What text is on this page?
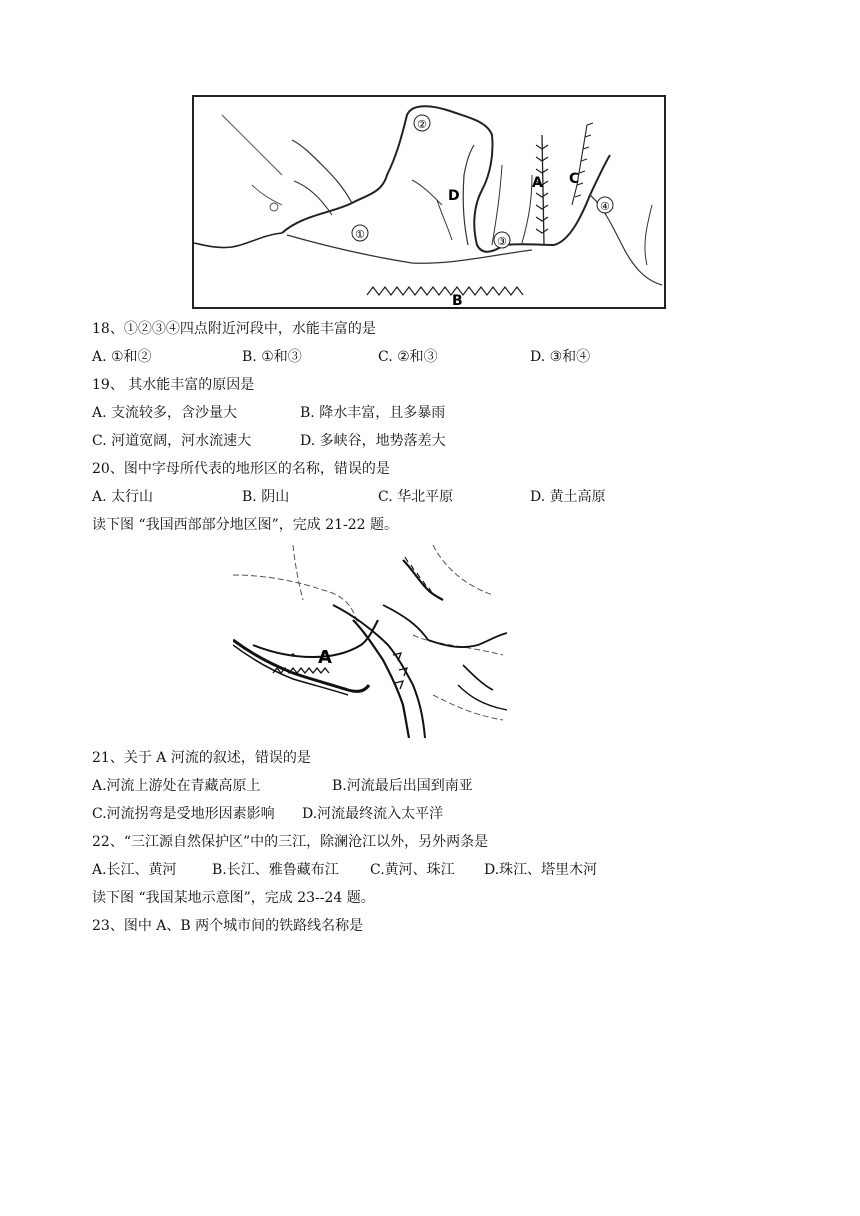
①
②
③
④
A
B
C
D
18、①②③④四点附近河段中，水能丰富的是
A. ①和②	B. ①和③	C. ②和③	D. ③和④
19、 其水能丰富的原因是
A. 支流较多，含沙量大	B. 降水丰富，且多暴雨
C. 河道宽阔，河水流速大	D. 多峡谷，地势落差大
20、图中字母所代表的地形区的名称，错误的是
A. 太行山	B. 阴山	C. 华北平原	D. 黄土高原
读下图 “我国西部部分地区图”，完成 21-22 题。
A
21、关于 A 河流的叙述，错误的是
A.河流上游处在青藏高原上	B.河流最后出国到南亚
C.河流拐弯是受地形因素影响 D.河流最终流入太平洋
22、“三江源自然保护区”中的三江，除澜沧江以外，另外两条是
A.长江、黄河	B.长江、雅鲁藏布江 C.黄河、珠江 D.珠江、塔里木河
读下图 “我国某地示意图”，完成 23--24 题。
23、图中 A、B 两个城市间的铁路线名称是
